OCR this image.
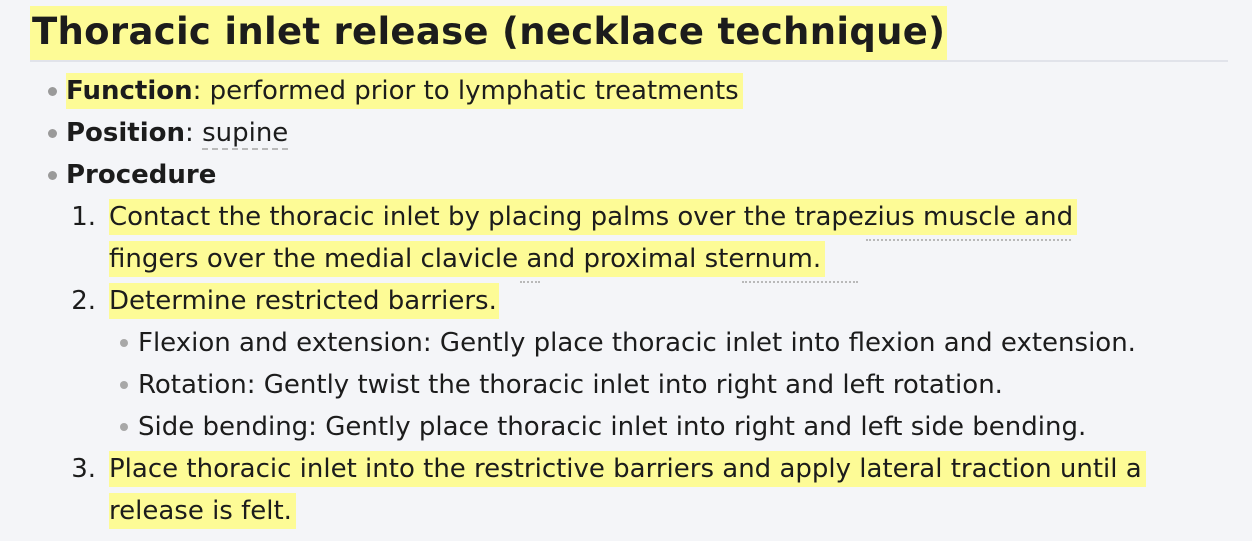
Thoracic inlet release (necklace technique)
Function: performed prior to lymphatic treatments
Position: supine
Procedure
1. Contact the thoracic inlet by placing palms over the trapezius muscle and
fingers over the medial clavicle and proximal sternum.
2. Determine restricted barriers.
Flexion and extension: Gently place thoracic inlet into flexion and extension.
Rotation: Gently twist the thoracic inlet into right and left rotation.
Side bending: Gently place thoracic inlet into right and left side bending.
3. Place thoracic inlet into the restrictive barriers and apply lateral traction until a
release is felt.
